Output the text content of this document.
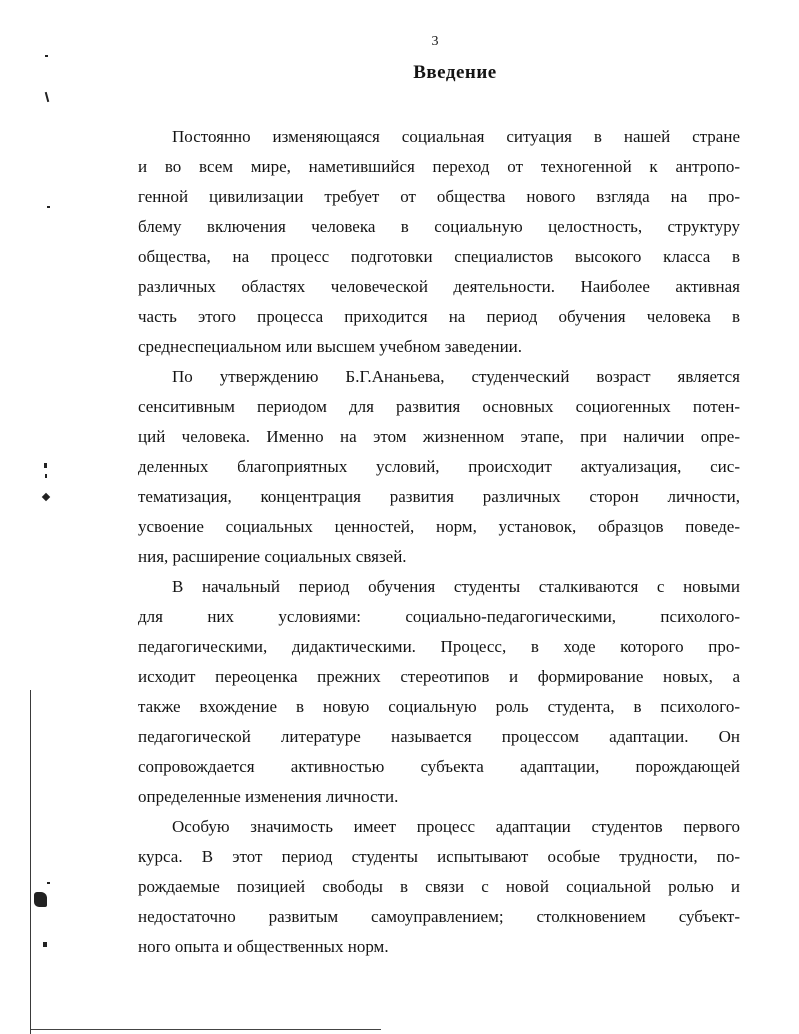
3
Введение
Постоянно изменяющаяся социальная ситуация в нашей стране
и во всем мире, наметившийся переход от техногенной к антропо-
генной цивилизации требует от общества нового взгляда на про-
блему включения человека в социальную целостность, структуру
общества, на процесс подготовки специалистов высокого класса в
различных областях человеческой деятельности. Наиболее активная
часть этого процесса приходится на период обучения человека в
среднеспециальном или высшем учебном заведении.
По утверждению Б.Г.Ананьева, студенческий возраст является
сенситивным периодом для развития основных социогенных потен-
ций человека. Именно на этом жизненном этапе, при наличии опре-
деленных благоприятных условий, происходит актуализация, сис-
тематизация, концентрация развития различных сторон личности,
усвоение социальных ценностей, норм, установок, образцов поведе-
ния, расширение социальных связей.
В начальный период обучения студенты сталкиваются с новыми
для них условиями: социально-педагогическими, психолого-
педагогическими, дидактическими. Процесс, в ходе которого про-
исходит переоценка прежних стереотипов и формирование новых, а
также вхождение в новую социальную роль студента, в психолого-
педагогической литературе называется процессом адаптации. Он
сопровождается активностью субъекта адаптации, порождающей
определенные изменения личности.
Особую значимость имеет процесс адаптации студентов первого
курса. В этот период студенты испытывают особые трудности, по-
рождаемые позицией свободы в связи с новой социальной ролью и
недостаточно развитым самоуправлением; столкновением субъект-
ного опыта и общественных норм.
